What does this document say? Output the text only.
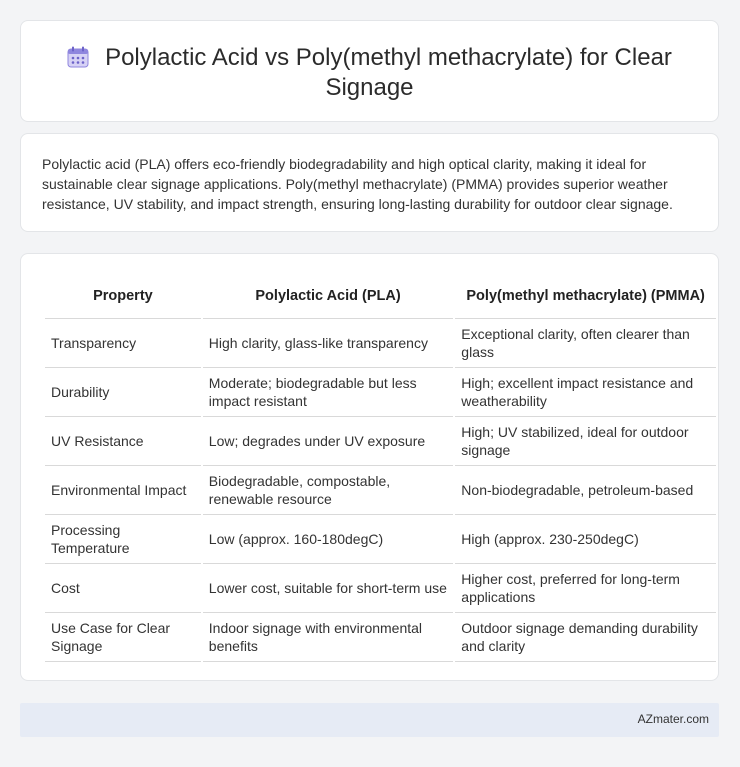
Polylactic Acid vs Poly(methyl methacrylate) for Clear Signage

Polylactic acid (PLA) offers eco-friendly biodegradability and high optical clarity, making it ideal for sustainable clear signage applications. Poly(methyl methacrylate) (PMMA) provides superior weather resistance, UV stability, and impact strength, ensuring long-lasting durability for outdoor clear signage.

Property	Polylactic Acid (PLA)	Poly(methyl methacrylate) (PMMA)
Transparency	High clarity, glass-like transparency	Exceptional clarity, often clearer than glass
Durability	Moderate; biodegradable but less impact resistant	High; excellent impact resistance and weatherability
UV Resistance	Low; degrades under UV exposure	High; UV stabilized, ideal for outdoor signage
Environmental Impact	Biodegradable, compostable, renewable resource	Non-biodegradable, petroleum-based
Processing Temperature	Low (approx. 160-180degC)	High (approx. 230-250degC)
Cost	Lower cost, suitable for short-term use	Higher cost, preferred for long-term applications
Use Case for Clear Signage	Indoor signage with environmental benefits	Outdoor signage demanding durability and clarity
AZmater.com
